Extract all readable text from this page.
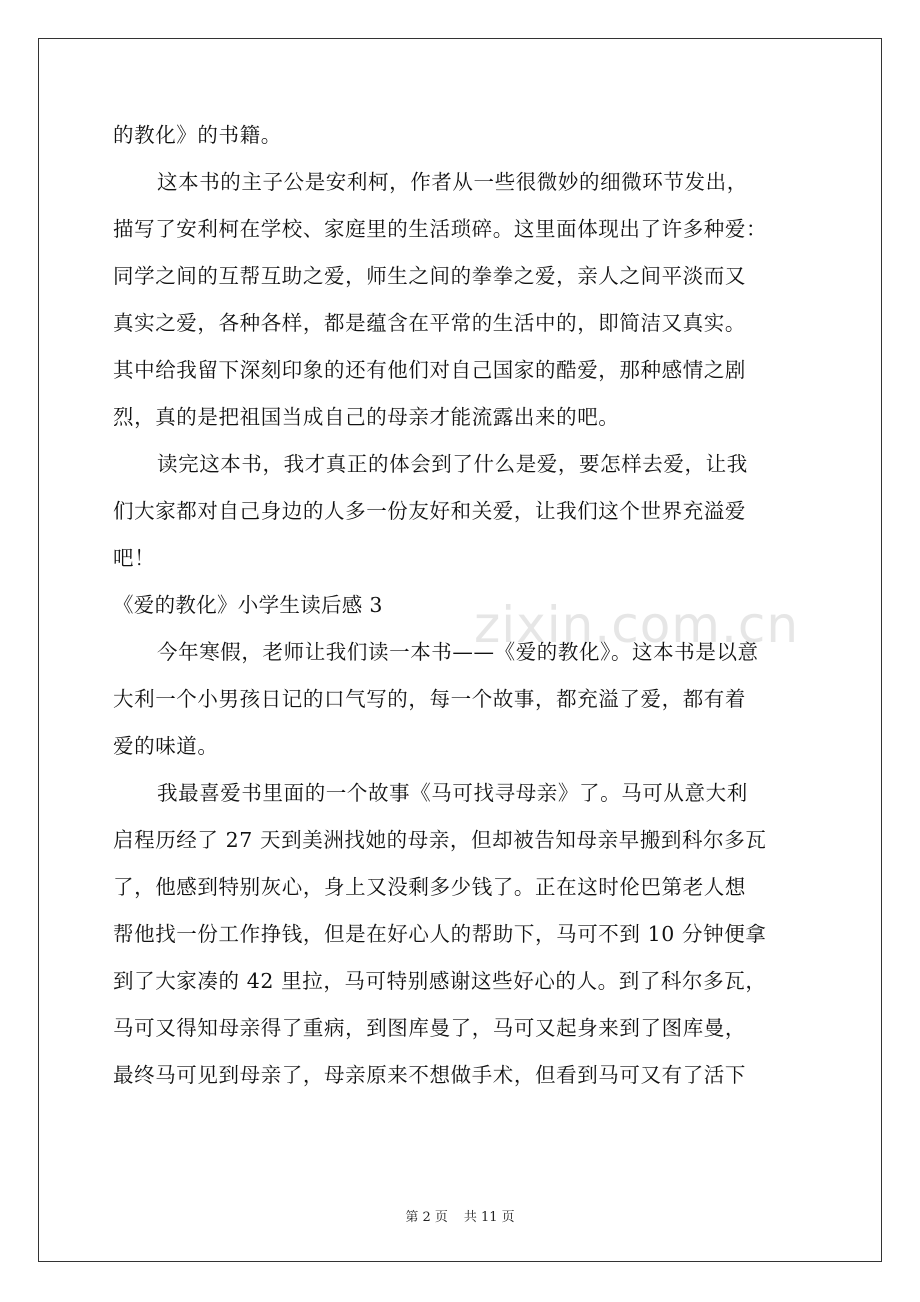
的教化》的书籍。
这本书的主子公是安利柯，作者从一些很微妙的细微环节发出，
描写了安利柯在学校、家庭里的生活琐碎。这里面体现出了许多种爱：
同学之间的互帮互助之爱，师生之间的拳拳之爱，亲人之间平淡而又
真实之爱，各种各样，都是蕴含在平常的生活中的，即简洁又真实。
其中给我留下深刻印象的还有他们对自己国家的酷爱，那种感情之剧
烈，真的是把祖国当成自己的母亲才能流露出来的吧。
读完这本书，我才真正的体会到了什么是爱，要怎样去爱，让我
们大家都对自己身边的人多一份友好和关爱，让我们这个世界充溢爱
吧！
《爱的教化》小学生读后感 3
今年寒假，老师让我们读一本书——《爱的教化》。这本书是以意
大利一个小男孩日记的口气写的，每一个故事，都充溢了爱，都有着
爱的味道。
我最喜爱书里面的一个故事《马可找寻母亲》了。马可从意大利
启程历经了 27 天到美洲找她的母亲，但却被告知母亲早搬到科尔多瓦
了，他感到特别灰心，身上又没剩多少钱了。正在这时伦巴第老人想
帮他找一份工作挣钱，但是在好心人的帮助下，马可不到 10 分钟便拿
到了大家凑的 42 里拉，马可特别感谢这些好心的人。到了科尔多瓦，
马可又得知母亲得了重病，到图库曼了，马可又起身来到了图库曼，
最终马可见到母亲了，母亲原来不想做手术，但看到马可又有了活下
zixin.com.cn
第 2 页 共 11 页
